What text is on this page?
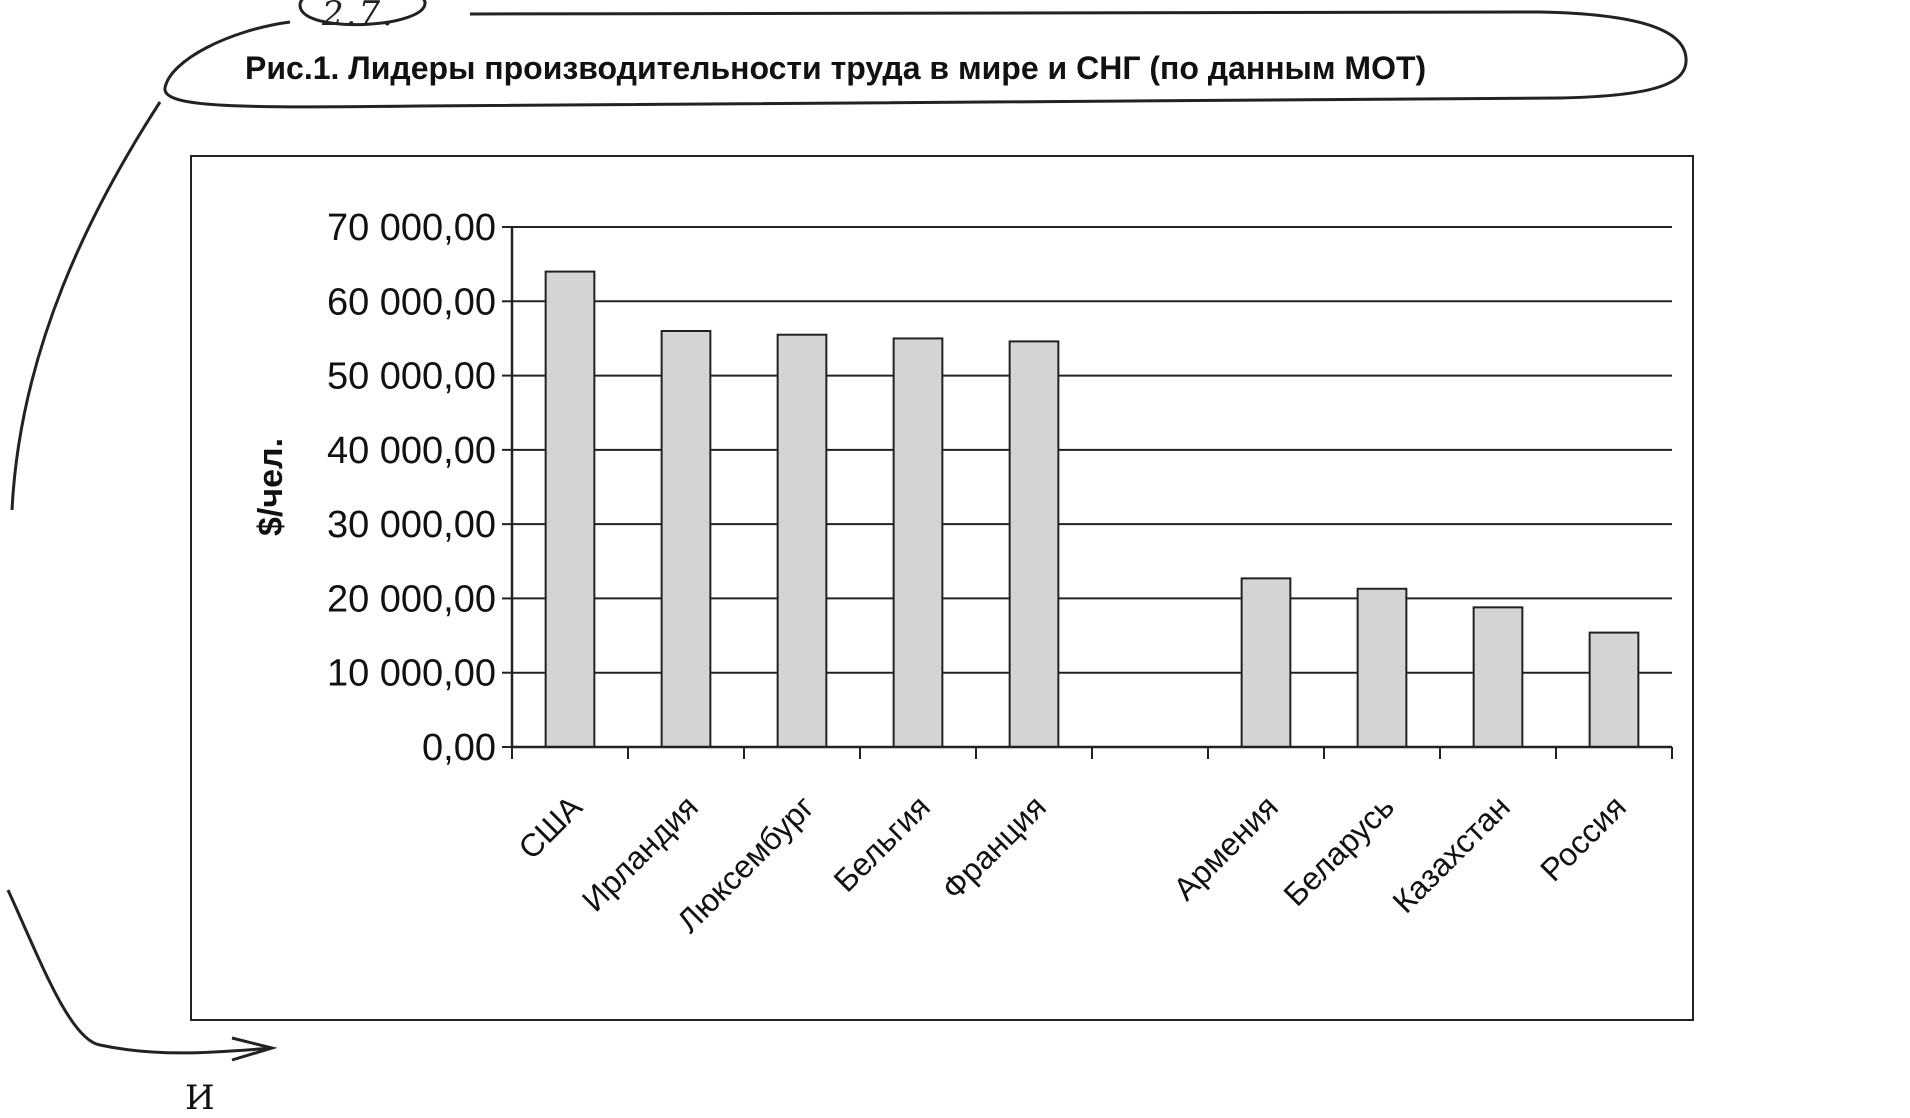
2.7.
Рис.1. Лидеры производительности труда в мире и СНГ (по данным МОТ)
0,00
10 000,00
20 000,00
30 000,00
40 000,00
50 000,00
60 000,00
70 000,00
США
Ирландия
Люксембург Бельгия
Франция	Армения
Беларусь
Казахстан Россия
$/чел.
И
